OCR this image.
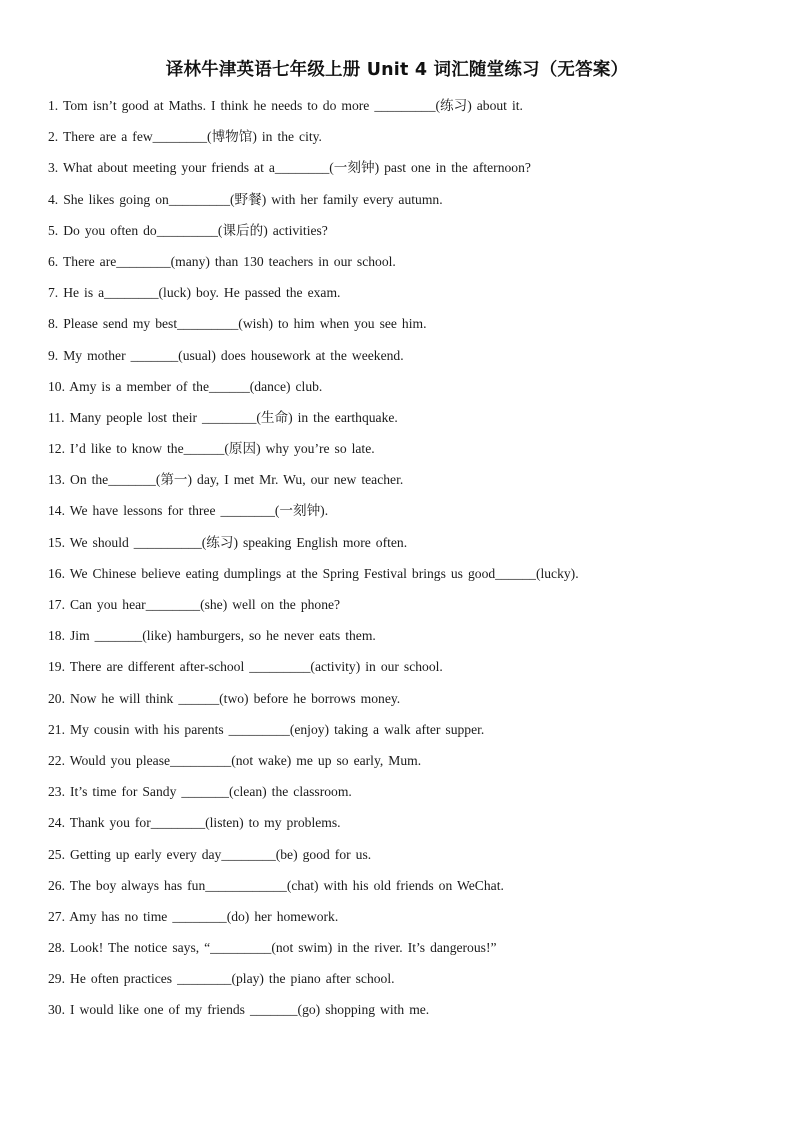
译林牛津英语七年级上册 Unit 4 词汇随堂练习（无答案）
1. Tom isn’t good at Maths. I think he needs to do more _________(练习) about it.
2. There are a few________(博物馆) in the city.
3. What about meeting your friends at a________(一刻钟) past one in the afternoon?
4. She likes going on_________(野餐) with her family every autumn.
5. Do you often do_________(课后的) activities?
6. There are________(many) than 130 teachers in our school.
7. He is a________(luck) boy. He passed the exam.
8. Please send my best_________(wish) to him when you see him.
9. My mother _______(usual) does housework at the weekend.
10. Amy is a member of the______(dance) club.
11. Many people lost their ________(生命) in the earthquake.
12. I’d like to know the______(原因) why you’re so late.
13. On the_______(第一) day, I met Mr. Wu, our new teacher.
14. We have lessons for three ________(一刻钟).
15. We should __________(练习) speaking English more often.
16. We Chinese believe eating dumplings at the Spring Festival brings us good______(lucky).
17. Can you hear________(she) well on the phone?
18. Jim _______(like) hamburgers, so he never eats them.
19. There are different after-school _________(activity) in our school.
20. Now he will think ______(two) before he borrows money.
21. My cousin with his parents _________(enjoy) taking a walk after supper.
22. Would you please_________(not wake) me up so early, Mum.
23. It’s time for Sandy _______(clean) the classroom.
24. Thank you for________(listen) to my problems.
25. Getting up early every day________(be) good for us.
26. The boy always has fun____________(chat) with his old friends on WeChat.
27. Amy has no time ________(do) her homework.
28. Look! The notice says, “_________(not swim) in the river. It’s dangerous!”
29. He often practices ________(play) the piano after school.
30. I would like one of my friends _______(go) shopping with me.
